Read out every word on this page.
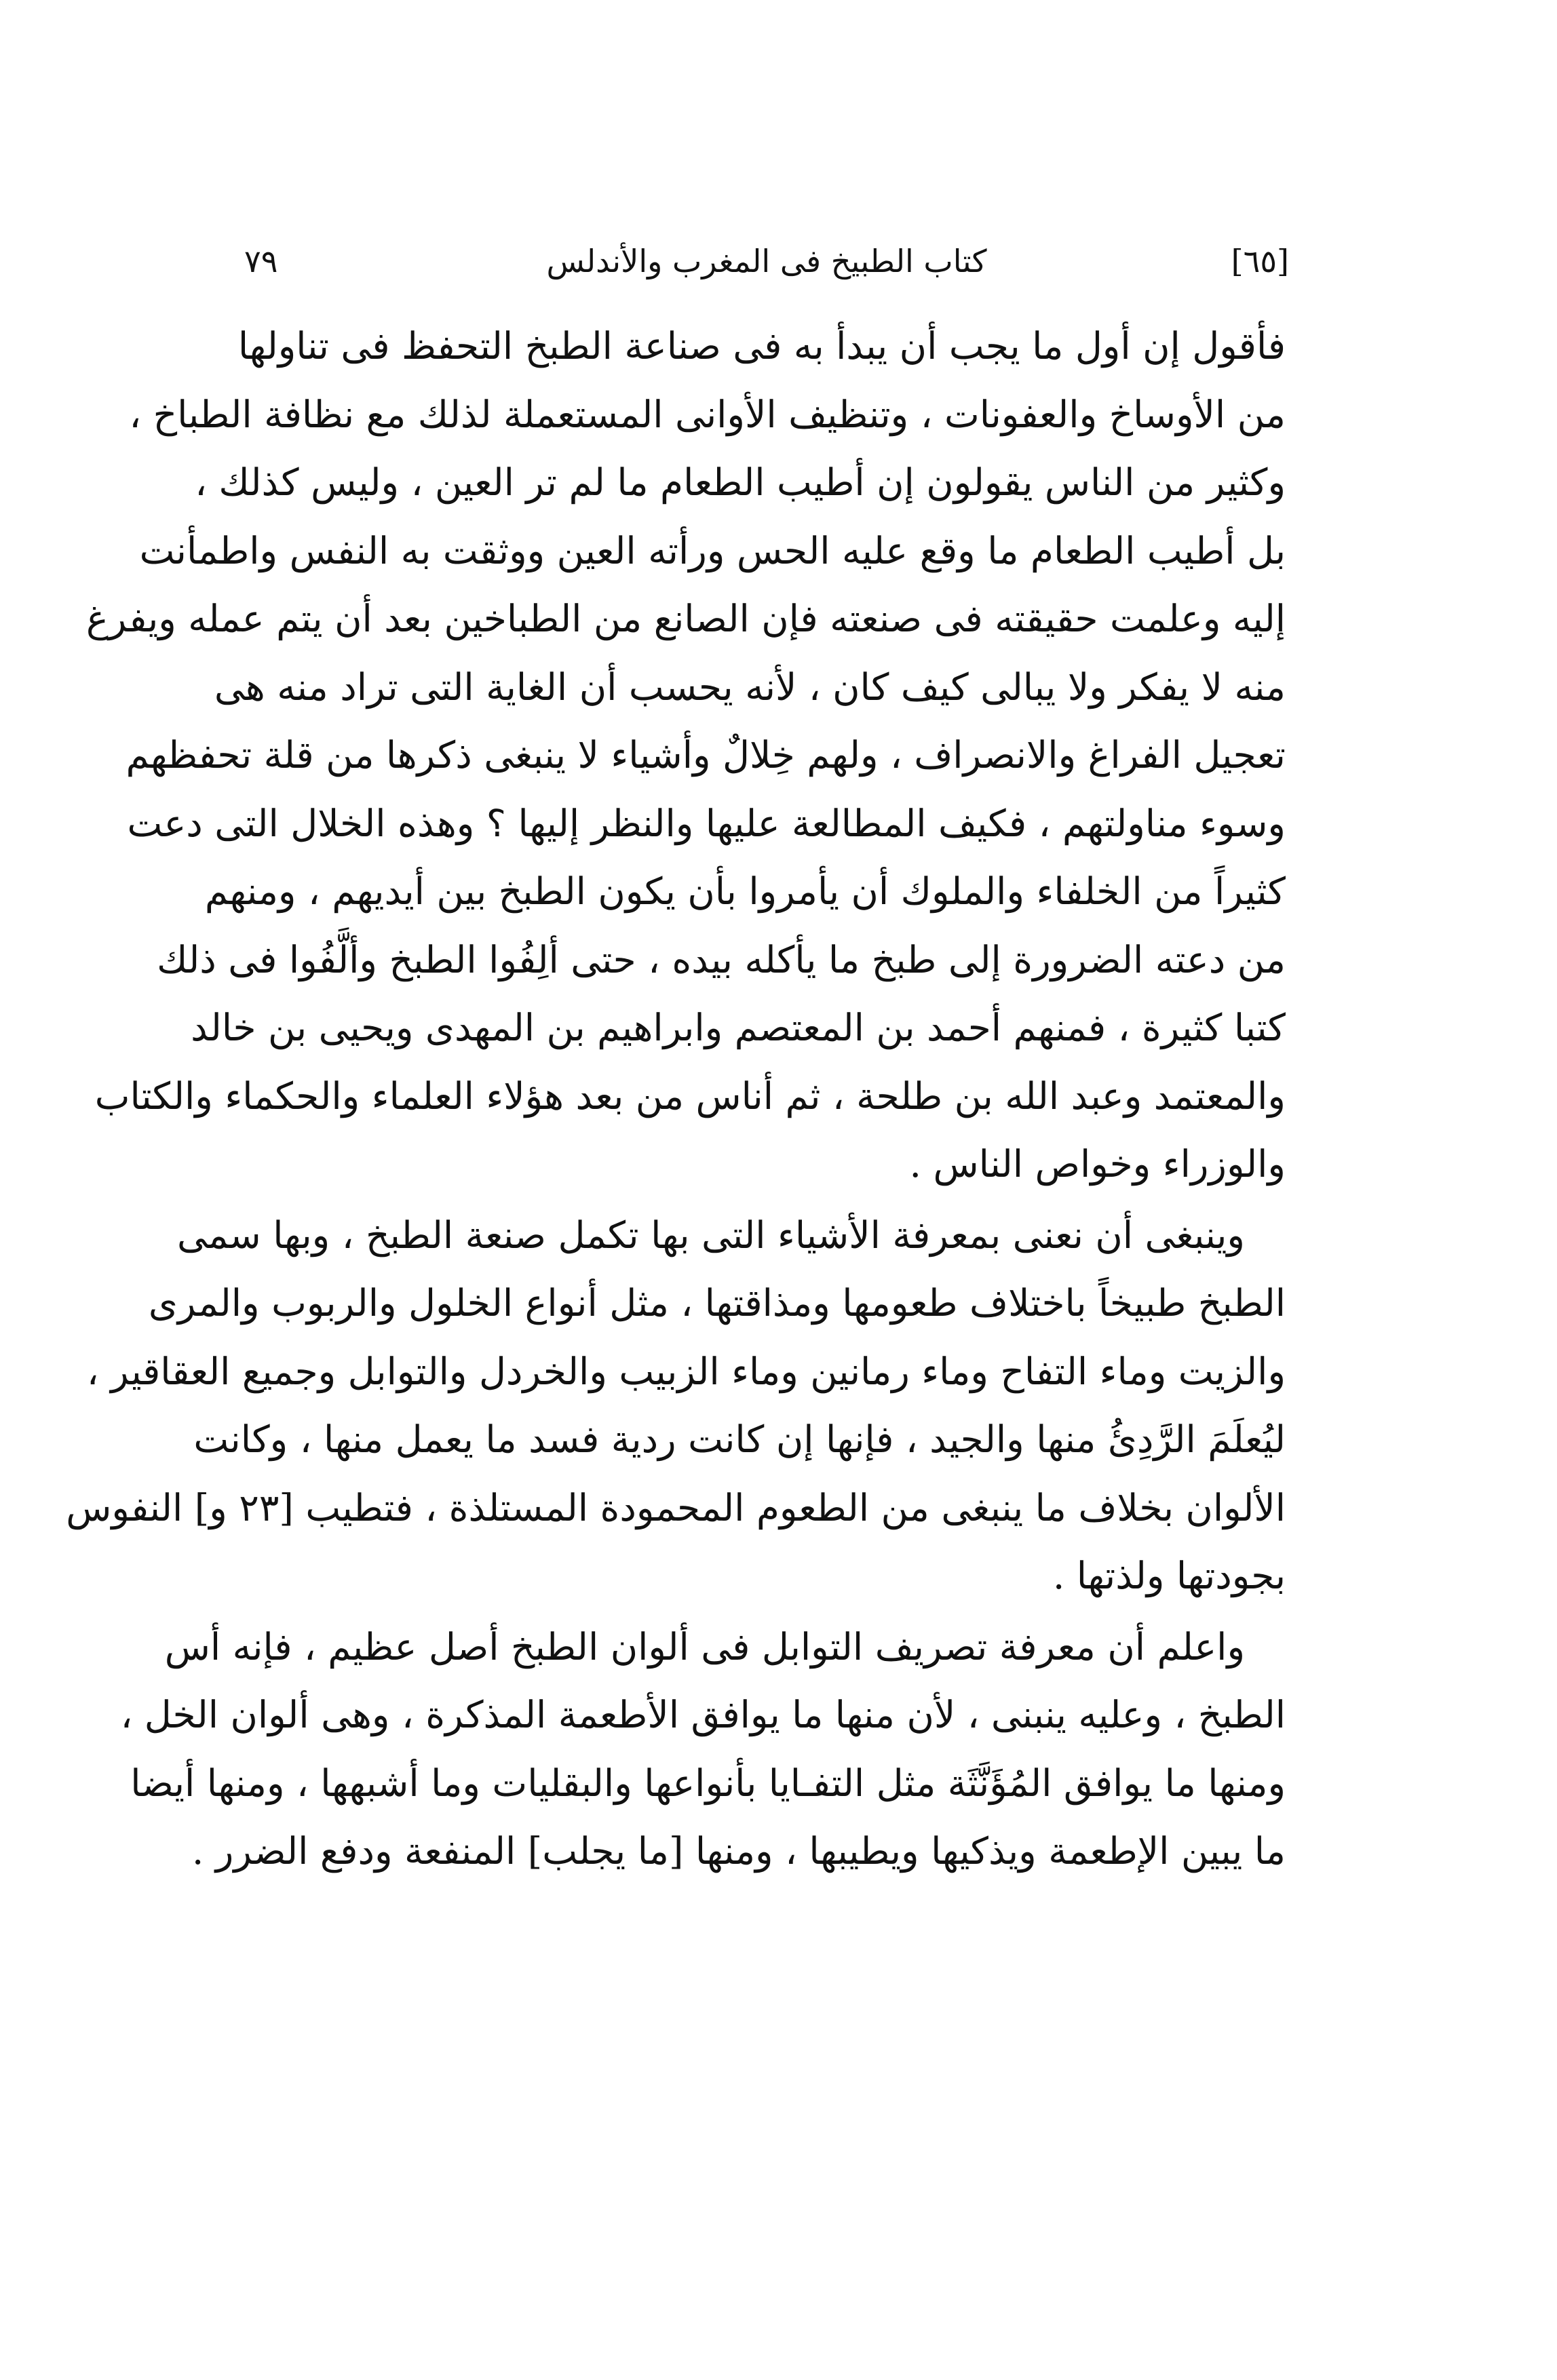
[٦٥]
كتاب الطبيخ فى المغرب والأندلس
٧٩

فأقول إن أول ما يجب أن يبدأ به فى صناعة الطبخ التحفظ فى تناولها
من الأوساخ والعفونات ، وتنظيف الأوانى المستعملة لذلك مع نظافة الطباخ ،
وكثير من الناس يقولون إن أطيب الطعام ما لم تر العين ، وليس كذلك ،
بل أطيب الطعام ما وقع عليه الحس ورأته العين ووثقت به النفس واطمأنت
إليه وعلمت حقيقته فى صنعته فإن الصانع من الطباخين بعد أن يتم عمله ويفرغ
منه لا يفكر ولا يبالى كيف كان ، لأنه يحسب أن الغاية التى تراد منه هى
تعجيل الفراغ والانصراف ، ولهم خِلالٌ وأشياء لا ينبغى ذكرها من قلة تحفظهم
وسوء مناولتهم ، فكيف المطالعة عليها والنظر إليها ؟ وهذه الخلال التى دعت
كثيراً من الخلفاء والملوك أن يأمروا بأن يكون الطبخ بين أيديهم ، ومنهم
من دعته الضرورة إلى طبخ ما يأكله بيده ، حتى ألِفُوا الطبخ وألَّفُوا فى ذلك
كتبا كثيرة ، فمنهم أحمد بن المعتصم وابراهيم بن المهدى ويحيى بن خالد
والمعتمد وعبد الله بن طلحة ، ثم أناس من بعد هؤلاء العلماء والحكماء والكتاب
والوزراء وخواص الناس .

وينبغى أن نعنى بمعرفة الأشياء التى بها تكمل صنعة الطبخ ، وبها سمى
الطبخ طبيخاً باختلاف طعومها ومذاقتها ، مثل أنواع الخلول والربوب والمرى
والزيت وماء التفاح وماء رمانين وماء الزبيب والخردل والتوابل وجميع العقاقير ،
ليُعلَمَ الرَّدِئُ منها والجيد ، فإنها إن كانت ردية فسد ما يعمل منها ، وكانت
الألوان بخلاف ما ينبغى من الطعوم المحمودة المستلذة ، فتطيب [٢٣ و] النفوس
بجودتها ولذتها .

واعلم أن معرفة تصريف التوابل فى ألوان الطبخ أصل عظيم ، فإنه أس
الطبخ ، وعليه ينبنى ، لأن منها ما يوافق الأطعمة المذكرة ، وهى ألوان الخل ،
ومنها ما يوافق المُؤَنَّثَة مثل التفـايا بأنواعها والبقليات وما أشبهها ، ومنها أيضا
ما يبين الإطعمة ويذكيها ويطيبها ، ومنها [ما يجلب] المنفعة ودفع الضرر .
